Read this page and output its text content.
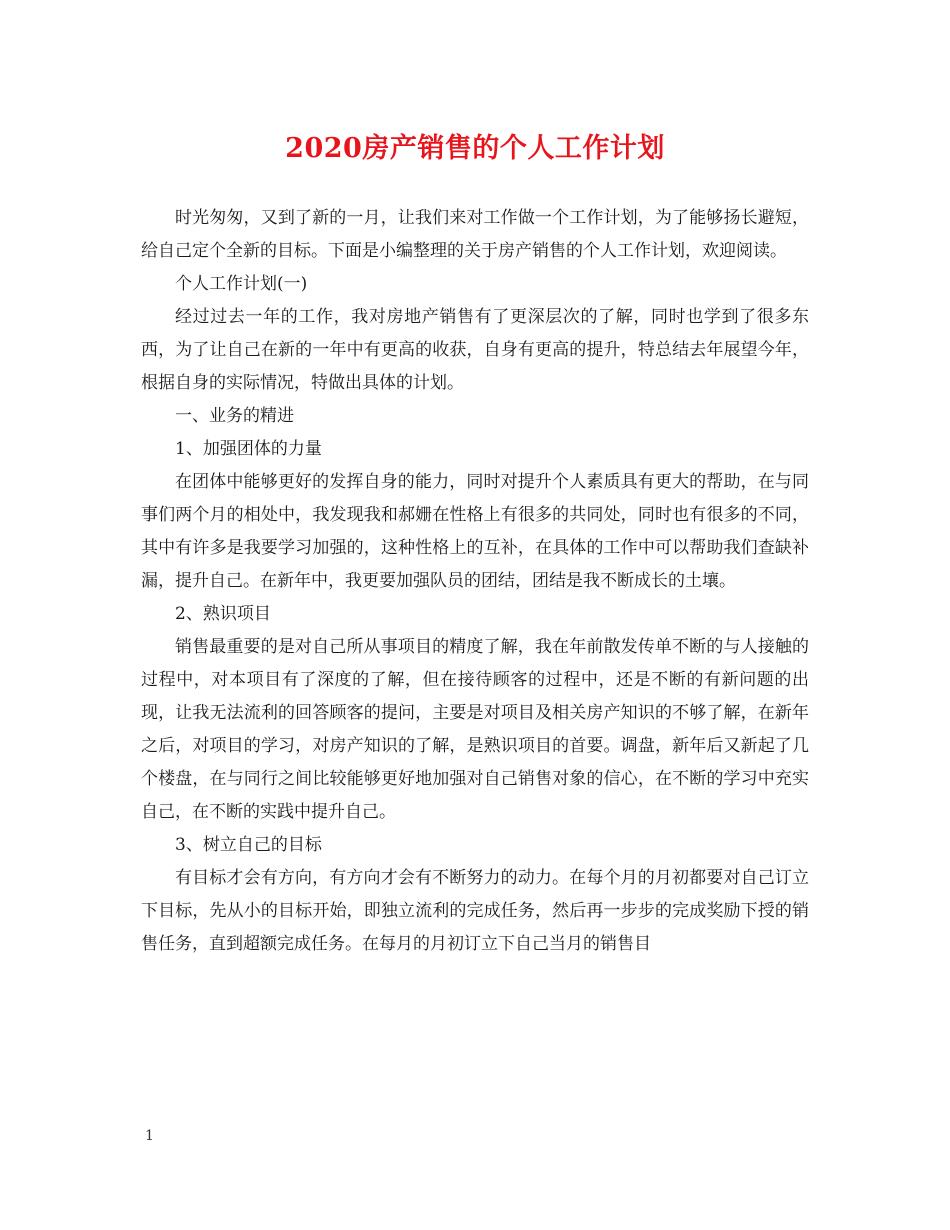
2020房产销售的个人工作计划

时光匆匆，又到了新的一月，让我们来对工作做一个工作计划，为了能够扬长避短，给自己定个全新的目标。下面是小编整理的关于房产销售的个人工作计划，欢迎阅读。

个人工作计划(一)

经过过去一年的工作，我对房地产销售有了更深层次的了解，同时也学到了很多东西，为了让自己在新的一年中有更高的收获，自身有更高的提升，特总结去年展望今年，根据自身的实际情况，特做出具体的计划。

一、业务的精进

1、加强团体的力量

在团体中能够更好的发挥自身的能力，同时对提升个人素质具有更大的帮助，在与同事们两个月的相处中，我发现我和郝姗在性格上有很多的共同处，同时也有很多的不同，其中有许多是我要学习加强的，这种性格上的互补，在具体的工作中可以帮助我们查缺补漏，提升自己。在新年中，我更要加强队员的团结，团结是我不断成长的土壤。

2、熟识项目

销售最重要的是对自己所从事项目的精度了解，我在年前散发传单不断的与人接触的过程中，对本项目有了深度的了解，但在接待顾客的过程中，还是不断的有新问题的出现，让我无法流利的回答顾客的提问，主要是对项目及相关房产知识的不够了解，在新年之后，对项目的学习，对房产知识的了解，是熟识项目的首要。调盘，新年后又新起了几个楼盘，在与同行之间比较能够更好地加强对自己销售对象的信心，在不断的学习中充实自己，在不断的实践中提升自己。

3、树立自己的目标

有目标才会有方向，有方向才会有不断努力的动力。在每个月的月初都要对自己订立下目标，先从小的目标开始，即独立流利的完成任务，然后再一步步的完成奖励下授的销售任务，直到超额完成任务。在每月的月初订立下自己当月的销售目

1
